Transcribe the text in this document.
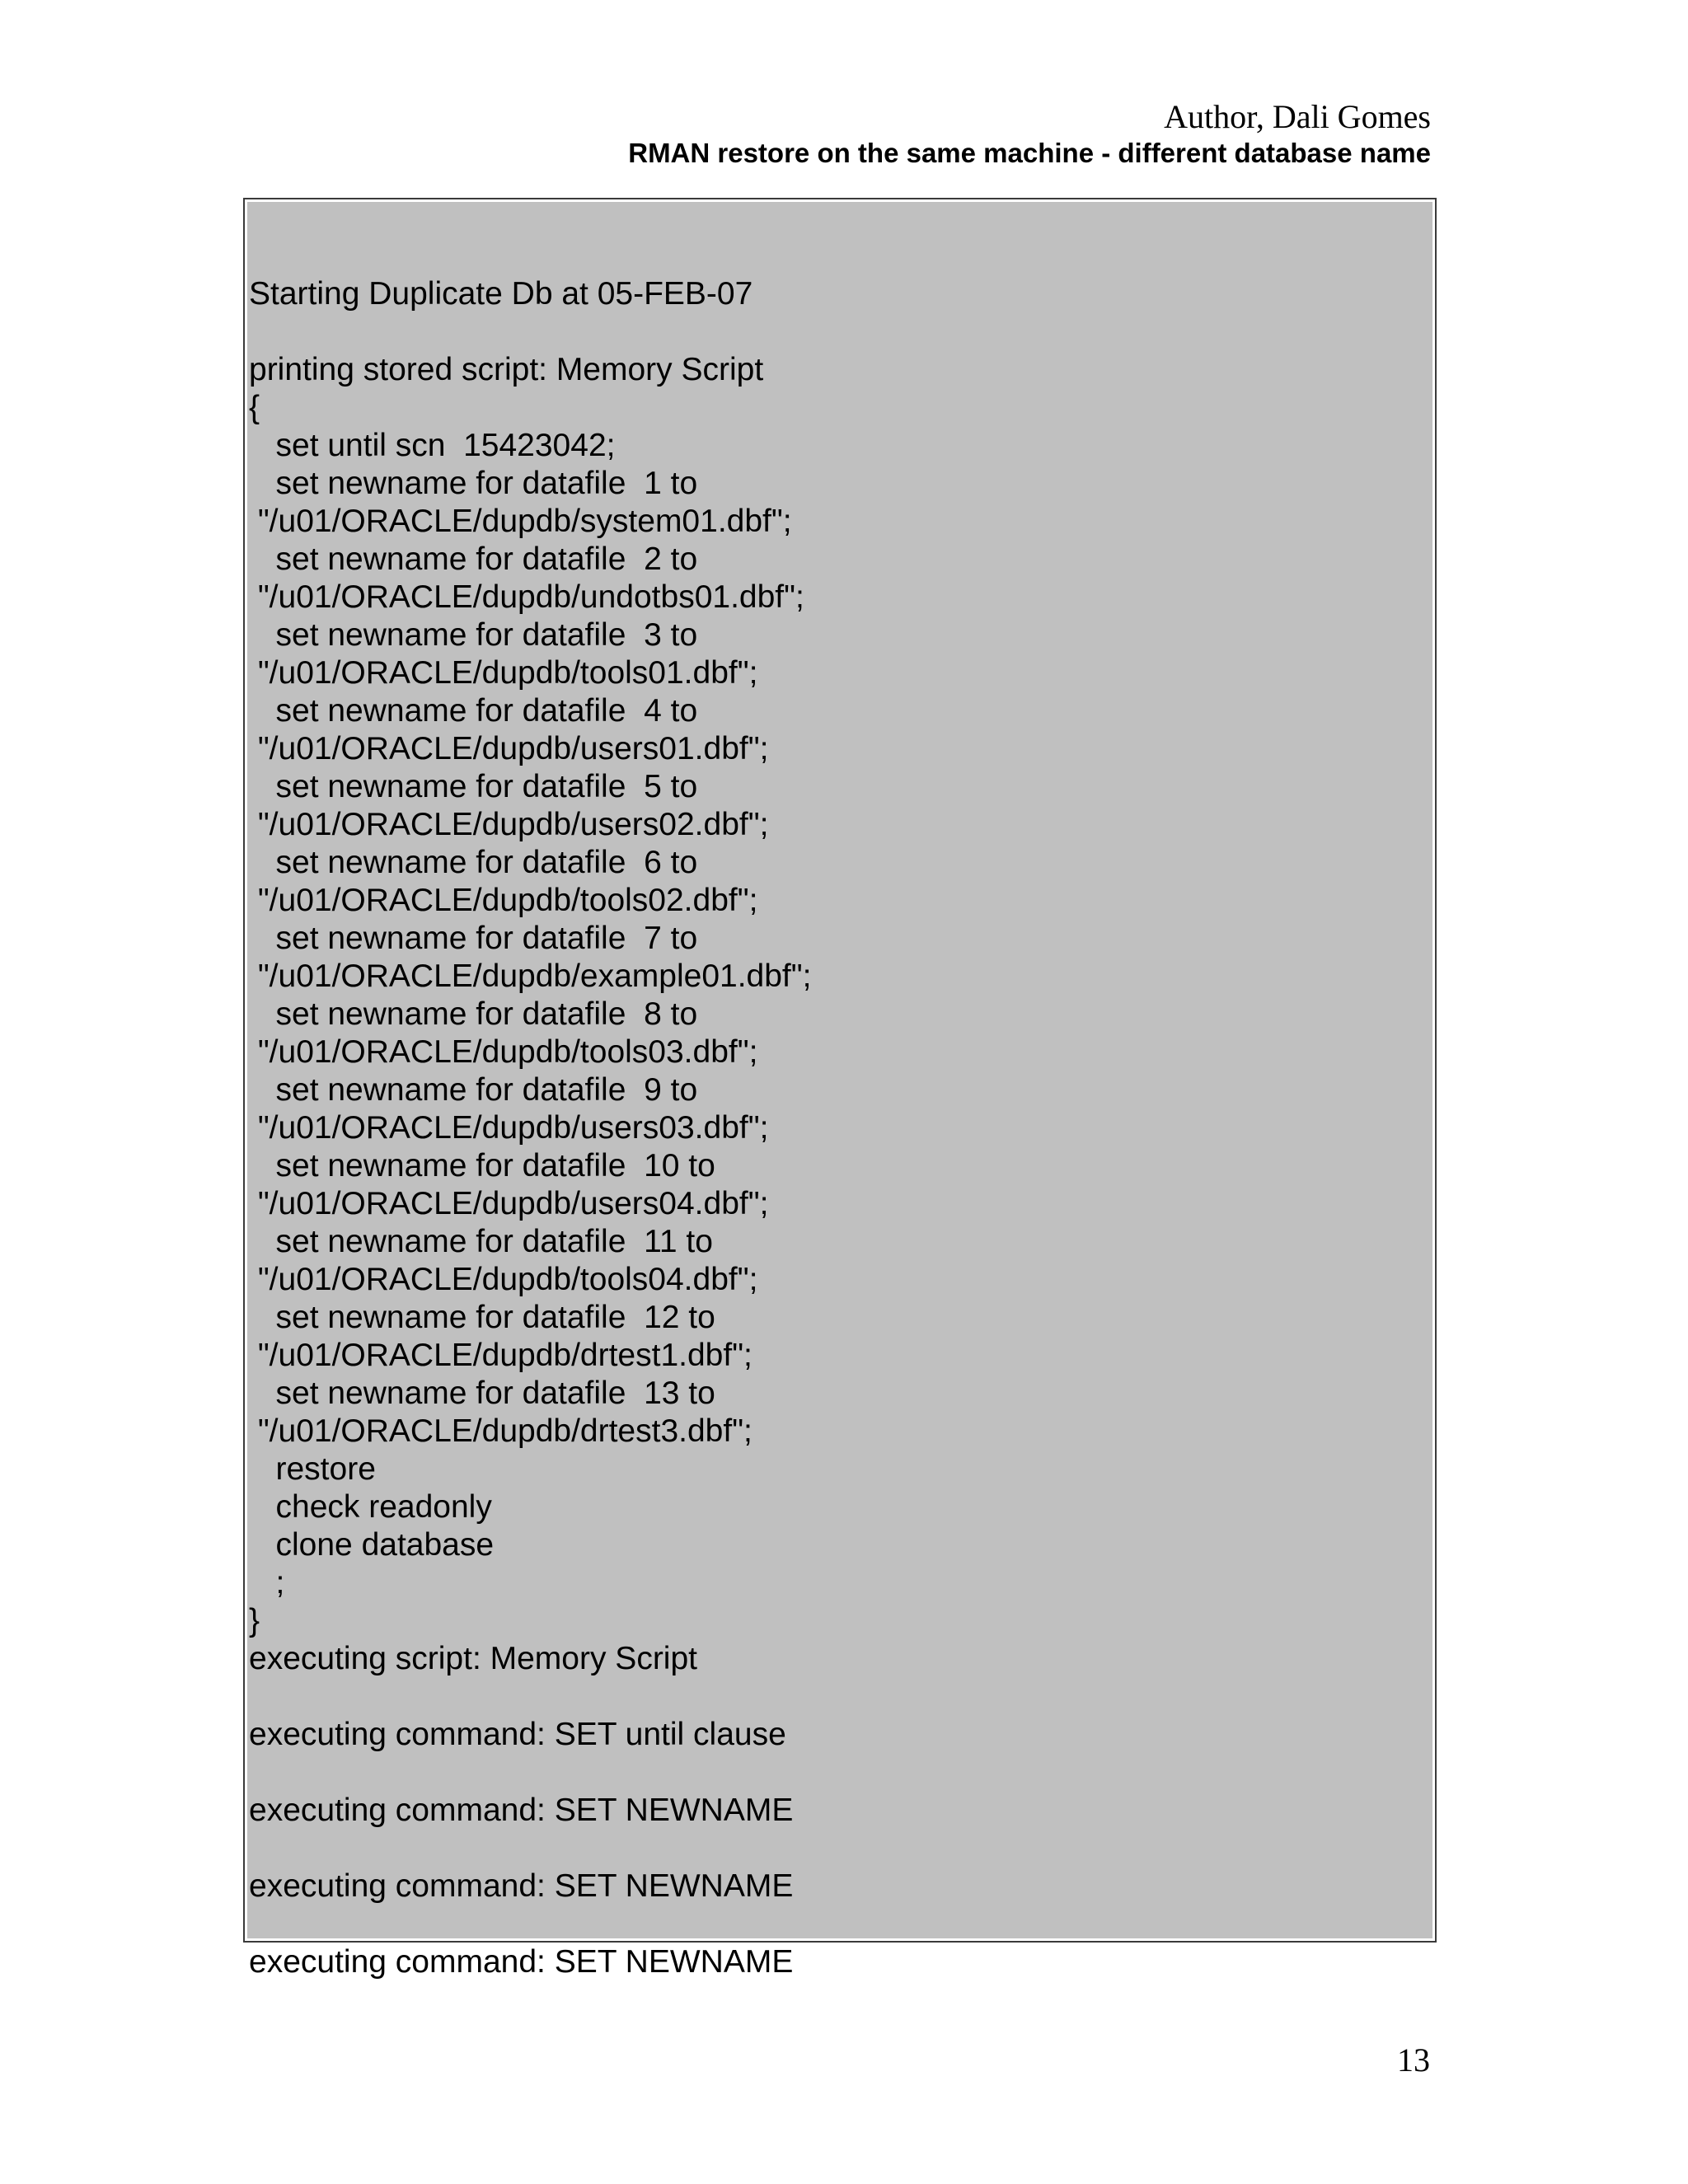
Author, Dali Gomes
RMAN restore on the same machine - different database name
Starting Duplicate Db at 05-FEB-07
printing stored script: Memory Script
{
set until scn  15423042;
set newname for datafile  1 to
"/u01/ORACLE/dupdb/system01.dbf";
set newname for datafile  2 to
"/u01/ORACLE/dupdb/undotbs01.dbf";
set newname for datafile  3 to
"/u01/ORACLE/dupdb/tools01.dbf";
set newname for datafile  4 to
"/u01/ORACLE/dupdb/users01.dbf";
set newname for datafile  5 to
"/u01/ORACLE/dupdb/users02.dbf";
set newname for datafile  6 to
"/u01/ORACLE/dupdb/tools02.dbf";
set newname for datafile  7 to
"/u01/ORACLE/dupdb/example01.dbf";
set newname for datafile  8 to
"/u01/ORACLE/dupdb/tools03.dbf";
set newname for datafile  9 to
"/u01/ORACLE/dupdb/users03.dbf";
set newname for datafile  10 to
"/u01/ORACLE/dupdb/users04.dbf";
set newname for datafile  11 to
"/u01/ORACLE/dupdb/tools04.dbf";
set newname for datafile  12 to
"/u01/ORACLE/dupdb/drtest1.dbf";
set newname for datafile  13 to
"/u01/ORACLE/dupdb/drtest3.dbf";
restore
check readonly
clone database
;
}
executing script: Memory Script
executing command: SET until clause
executing command: SET NEWNAME
executing command: SET NEWNAME
executing command: SET NEWNAME
13
